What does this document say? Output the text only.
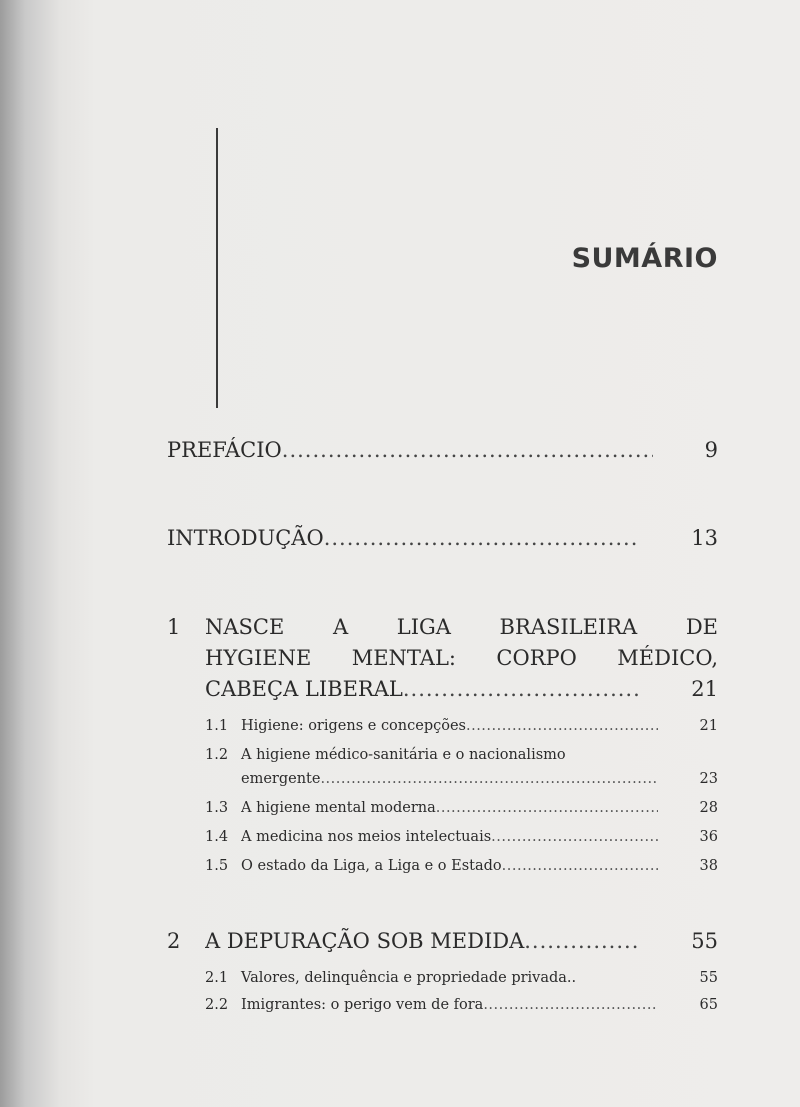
SUMÁRIO
PREFÁCIO .....	9
INTRODUÇÃO .....	13
1 NASCE A LIGA BRASILEIRA DE
HYGIENE MENTAL: CORPO MÉDICO,
CABEÇA LIBERAL .....	21
1.1 Higiene: origens e concepções .....	21
1.2 A higiene médico-sanitária e o nacionalismo
emergente .....	23
1.3 A higiene mental moderna .....	28
1.4 A medicina nos meios intelectuais .....	36
1.5 O estado da Liga, a Liga e o Estado .....	38
2 A DEPURAÇÃO SOB MEDIDA .....	55
2.1 Valores, delinquência e propriedade privada..	55
2.2 Imigrantes: o perigo vem de fora .....	65
